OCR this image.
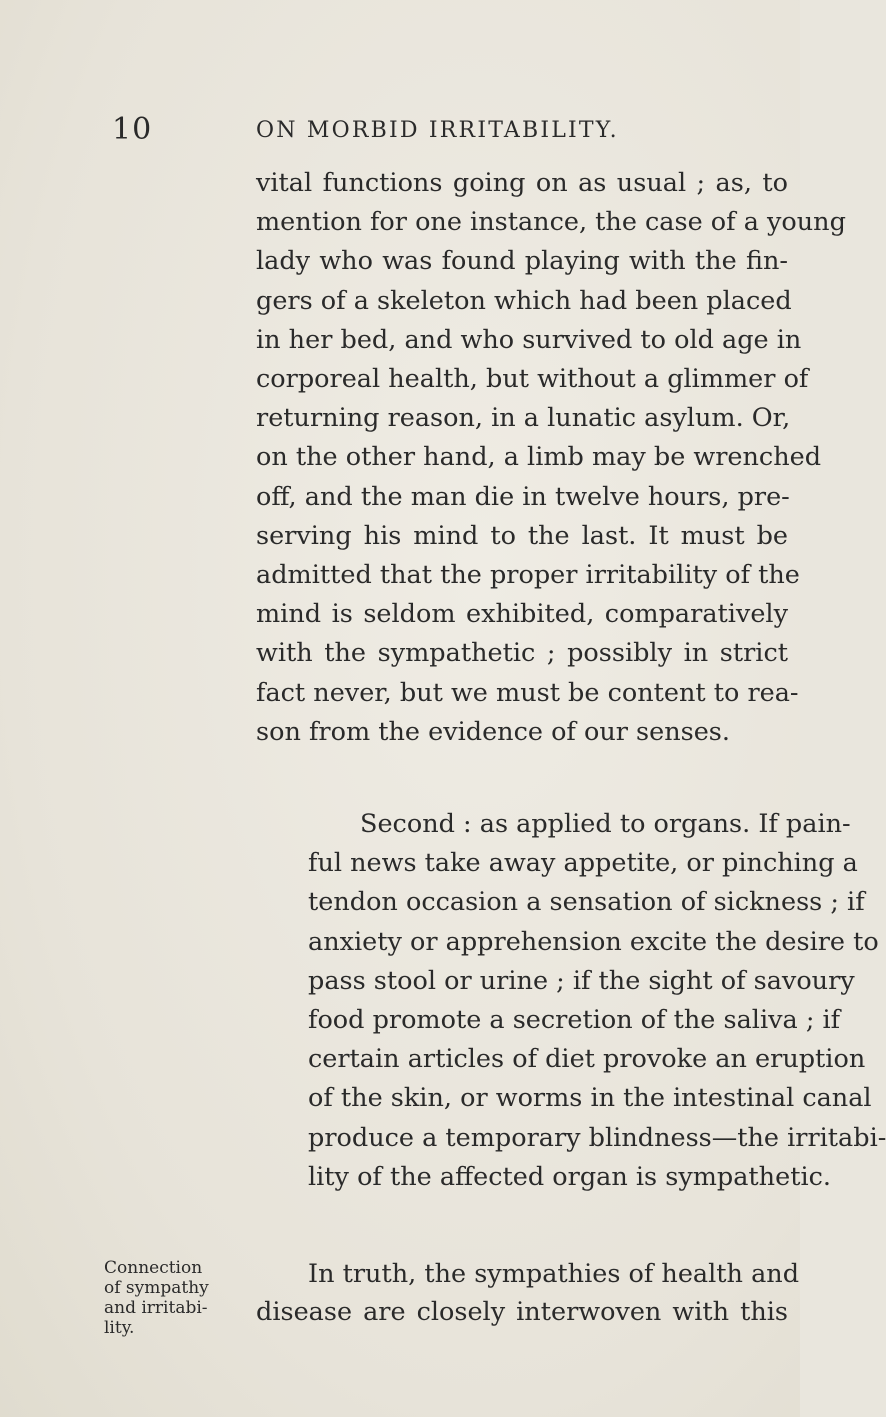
10	ON MORBID IRRITABILITY.
vital functions going on as usual ; as, to
mention for one instance, the case of a young
lady who was found playing with the fin-
gers of a skeleton which had been placed
in her bed, and who survived to old age in
corporeal health, but without a glimmer of
returning reason, in a lunatic asylum. Or,
on the other hand, a limb may be wrenched
off, and the man die in twelve hours, pre-
serving his mind to the last. It must be
admitted that the proper irritability of the
mind is seldom exhibited, comparatively
with the sympathetic ; possibly in strict
fact never, but we must be content to rea-
son from the evidence of our senses.
Second : as applied to organs. If pain-
ful news take away appetite, or pinching a
tendon occasion a sensation of sickness ; if
anxiety or apprehension excite the desire to
pass stool or urine ; if the sight of savoury
food promote a secretion of the saliva ; if
certain articles of diet provoke an eruption
of the skin, or worms in the intestinal canal
produce a temporary blindness—the irritabi-
lity of the affected organ is sympathetic.
Connection
of sympathy
and irritabi-
lity.
In truth, the sympathies of health and
disease are closely interwoven with this
